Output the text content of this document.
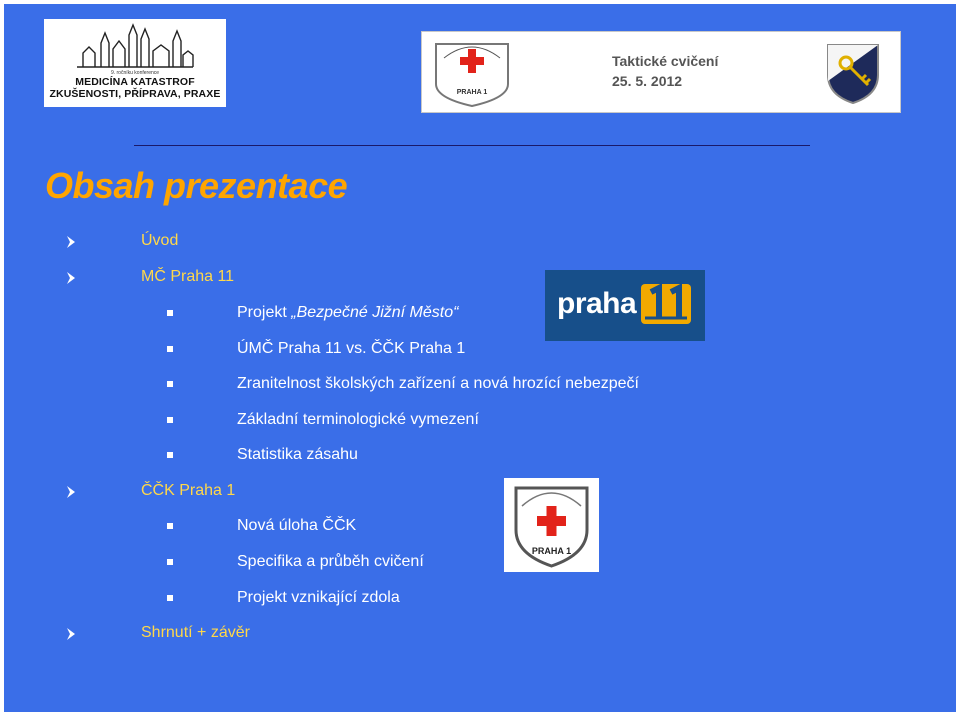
9. ročníku konference
MEDICÍNA KATASTROF
ZKUŠENOSTI, PŘÍPRAVA, PRAXE	PRAHA 1
Taktické cvičení
25. 5. 2012
Obsah prezentace
Úvod
MČ Praha 11
Projekt „Bezpečné Jižní Město“
ÚMČ Praha 11 vs. ČČK Praha 1
Zranitelnost školských zařízení a nová hrozící nebezpečí
Základní terminologické vymezení
Statistika zásahu
ČČK Praha 1
Nová úloha ČČK
Specifika a průběh cvičení
Projekt vznikající zdola
Shrnutí + závěr
praha
PRAHA 1
